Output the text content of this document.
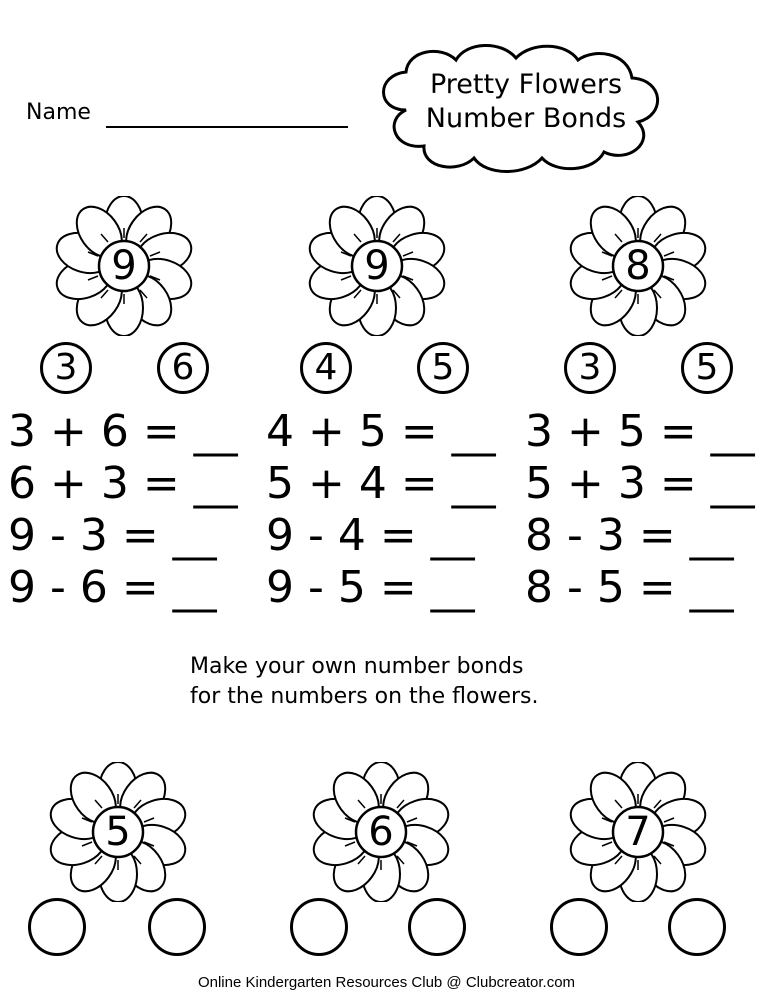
Name
Pretty Flowers
Number Bonds
9
3	6
9
4	5
8
3	5
3 + 6 = __
6 + 3 = __
9 - 3 = __
9 - 6 = __
4 + 5 = __
5 + 4 = __
9 - 4 = __
9 - 5 = __
3 + 5 = __
5 + 3 = __
8 - 3 = __
8 - 5 = __
Make your own number bonds
for the numbers on the flowers.
5	6	7
Online Kindergarten Resources Club @ Clubcreator.com
